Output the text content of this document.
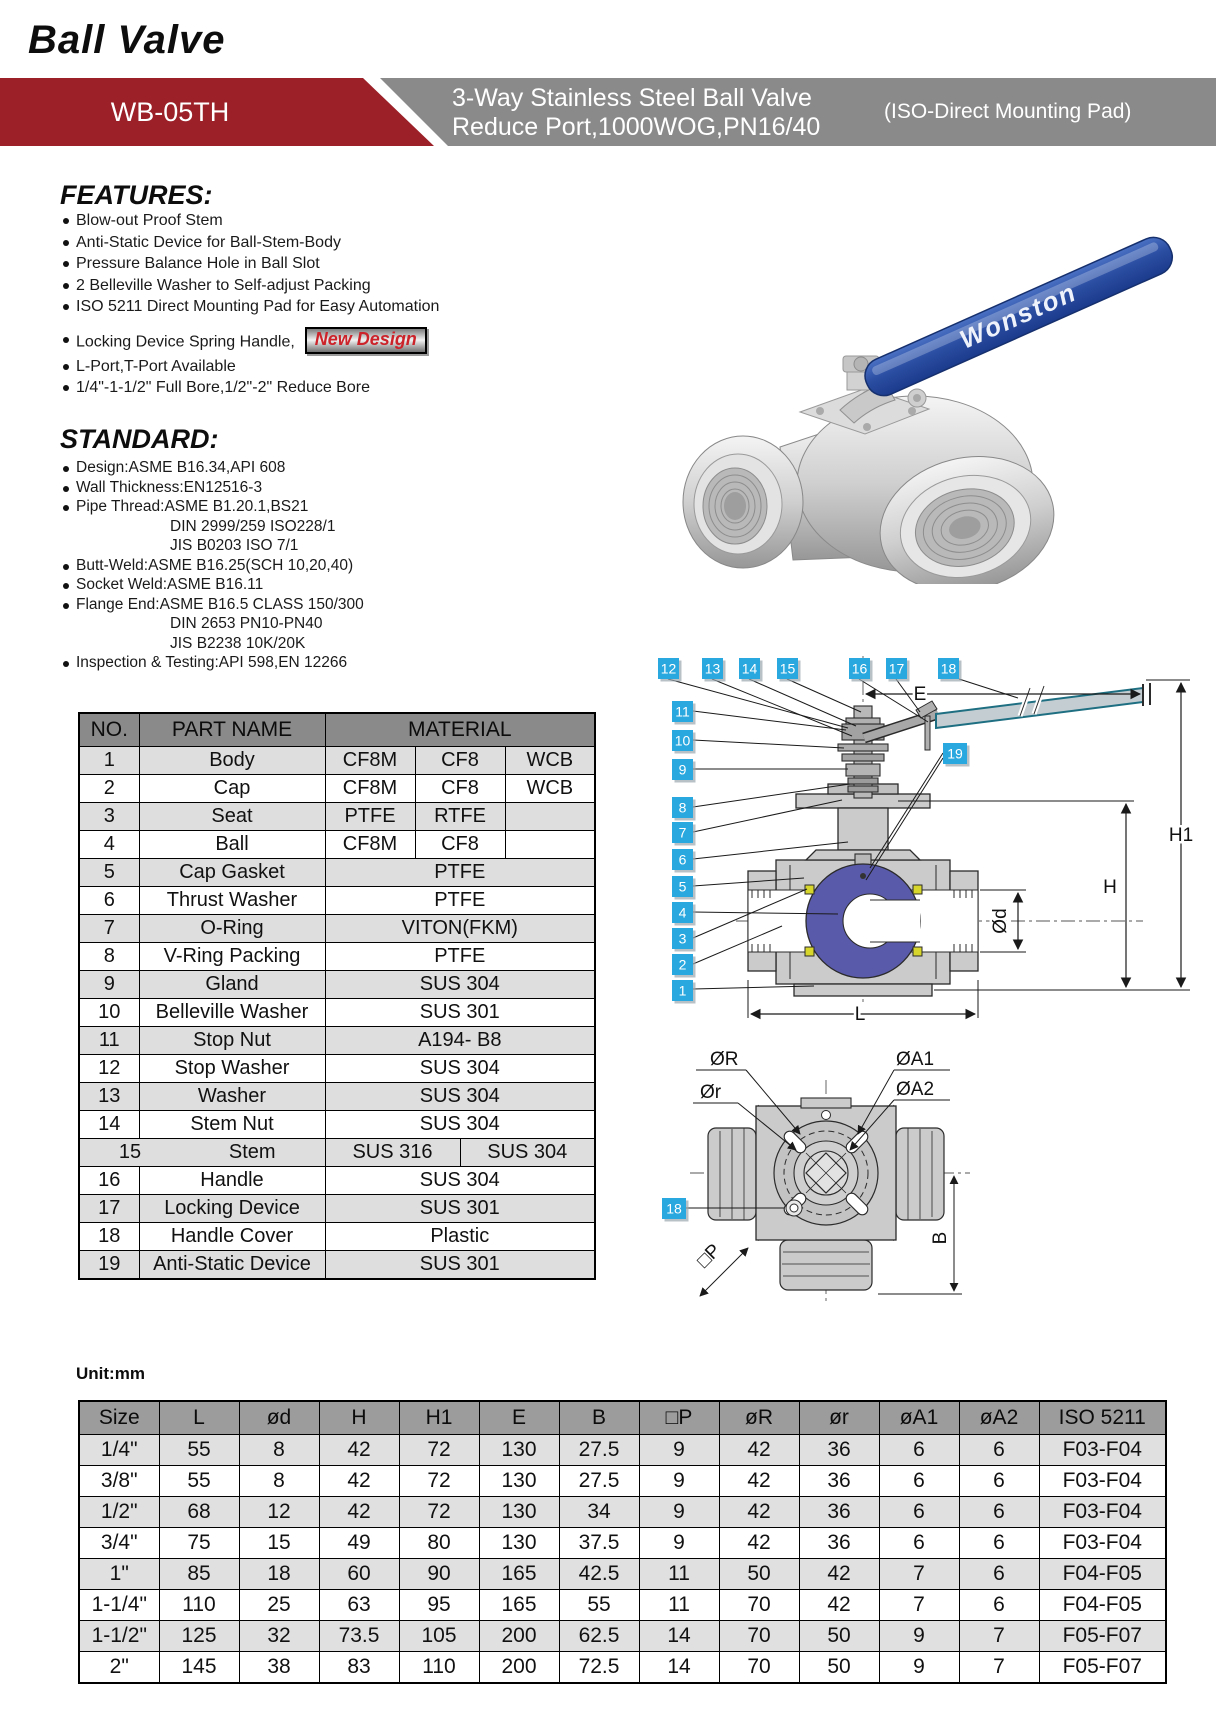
Ball Valve
WB-05TH	3-Way Stainless Steel Ball Valve
Reduce Port,1000WOG,PN16/40
(ISO-Direct Mounting Pad)
FEATURES:
Blow-out Proof Stem
Anti-Static Device for Ball-Stem-Body
Pressure Balance Hole in Ball Slot
2 Belleville Washer to Self-adjust Packing
ISO 5211 Direct Mounting Pad for Easy Automation
Locking Device Spring Handle, New Design
L-Port,T-Port Available
1/4"-1-1/2" Full Bore,1/2"-2" Reduce Bore
STANDARD:
Design:ASME B16.34,API 608
Wall Thickness:EN12516-3
Pipe Thread:ASME B1.20.1,BS21
DIN 2999/259 ISO228/1
JIS B0203 ISO 7/1
Butt-Weld:ASME B16.25(SCH 10,20,40)
Socket Weld:ASME B16.11
Flange End:ASME B16.5 CLASS 150/300
DIN 2653 PN10-PN40
JIS B2238 10K/20K
Inspection & Testing:API 598,EN 12266
NO.	PART NAME	MATERIAL			
1	Body	CF8M	CF8		WCB
2	Cap	CF8M	CF8		WCB
3	Seat	PTFE	RTFE		
4	Ball	CF8M	CF8		
5	Cap Gasket	PTFE			
6	Thrust Washer	PTFE			
7	O-Ring	VITON(FKM)			
8	V-Ring Packing	PTFE			
9	Gland	SUS 304			
10	Belleville Washer	SUS 301			
11	Stop Nut	A194- B8			
12	Stop Washer	SUS 304			
13	Washer	SUS 304			
14	Stem Nut	SUS 304			

15 Stem		SUS 316		SUS 304	
16	Handle	SUS 304			
17	Locking Device	SUS 301			
18	Handle Cover	Plastic			
19	Anti-Static Device	SUS 301			
Wonston
E
H1
H
Ød
L
12 13 14 15	16 17	18
11
10
9
8
7
6
5
4
3
2
1
19
ØR
Ør
ØA1
ØA2
B
□P
18
Unit:mm
Size	L	ød	H	H1	E	B	□P	øR	ør	øA1	øA2	ISO 5211
1/4"	55	8	42	72	130	27.5	9	42	36	6	6	F03-F04
3/8"	55	8	42	72	130	27.5	9	42	36	6	6	F03-F04
1/2"	68	12	42	72	130	34	9	42	36	6	6	F03-F04
3/4"	75	15	49	80	130	37.5	9	42	36	6	6	F03-F04
1"	85	18	60	90	165	42.5	11	50	42	7	6	F04-F05
1-1/4"	110	25	63	95	165	55	11	70	42	7	6	F04-F05
1-1/2"	125	32	73.5	105	200	62.5	14	70	50	9	7	F05-F07
2"	145	38	83	110	200	72.5	14	70	50	9	7	F05-F07
